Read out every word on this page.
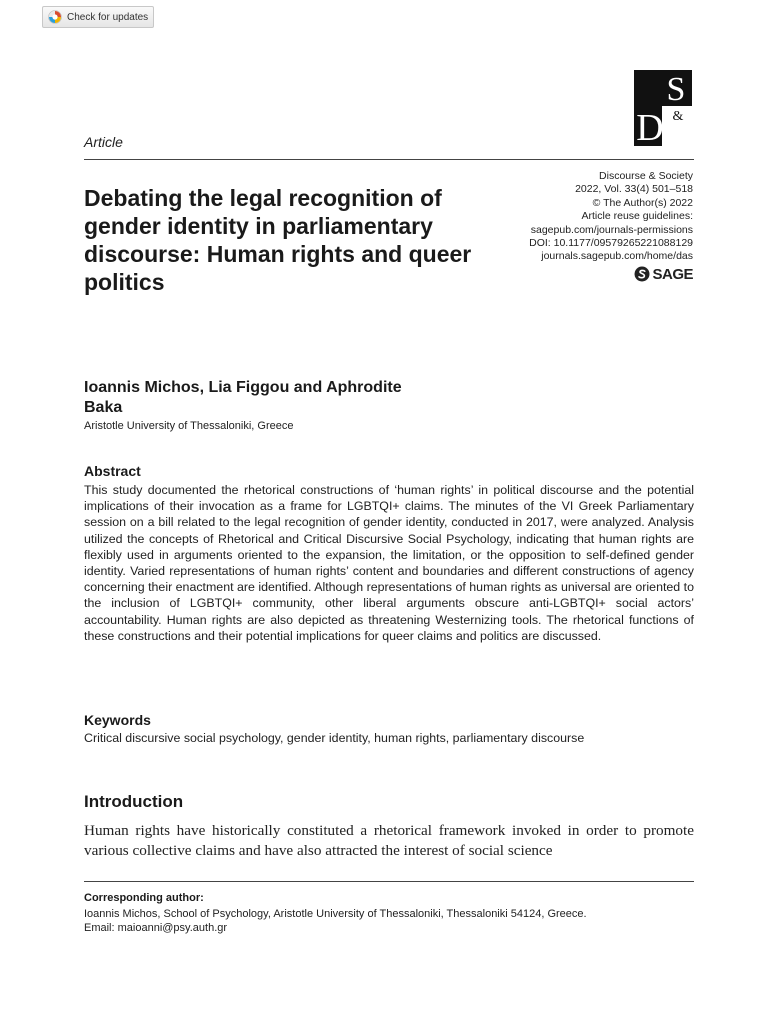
Check for updates
S
&
D
Article
Discourse & Society
2022, Vol. 33(4) 501–518
© The Author(s) 2022
Article reuse guidelines:
sagepub.com/journals-permissions
DOI: 10.1177/09579265221088129
journals.sagepub.com/home/das
SAGE
Debating the legal recognition of gender identity in parliamentary discourse: Human rights and queer politics
Ioannis Michos, Lia Figgou and Aphrodite Baka
Aristotle University of Thessaloniki, Greece
Abstract

This study documented the rhetorical constructions of ‘human rights’ in political discourse and the potential implications of their invocation as a frame for LGBTQI+ claims. The minutes of the VI Greek Parliamentary session on a bill related to the legal recognition of gender identity, conducted in 2017, were analyzed. Analysis utilized the concepts of Rhetorical and Critical Discursive Social Psychology, indicating that human rights are flexibly used in arguments oriented to the expansion, the limitation, or the opposition to self-defined gender identity. Varied representations of human rights’ content and boundaries and different constructions of agency concerning their enactment are identified. Although representations of human rights as universal are oriented to the inclusion of LGBTQI+ community, other liberal arguments obscure anti-LGBTQI+ social actors’ accountability. Human rights are also depicted as threatening Westernizing tools. The rhetorical functions of these constructions and their potential implications for queer claims and politics are discussed.

Keywords
Critical discursive social psychology, gender identity, human rights, parliamentary discourse
Introduction

Human rights have historically constituted a rhetorical framework invoked in order to promote various collective claims and have also attracted the interest of social science

Corresponding author:
Ioannis Michos, School of Psychology, Aristotle University of Thessaloniki, Thessaloniki 54124, Greece.
Email: maioanni@psy.auth.gr
